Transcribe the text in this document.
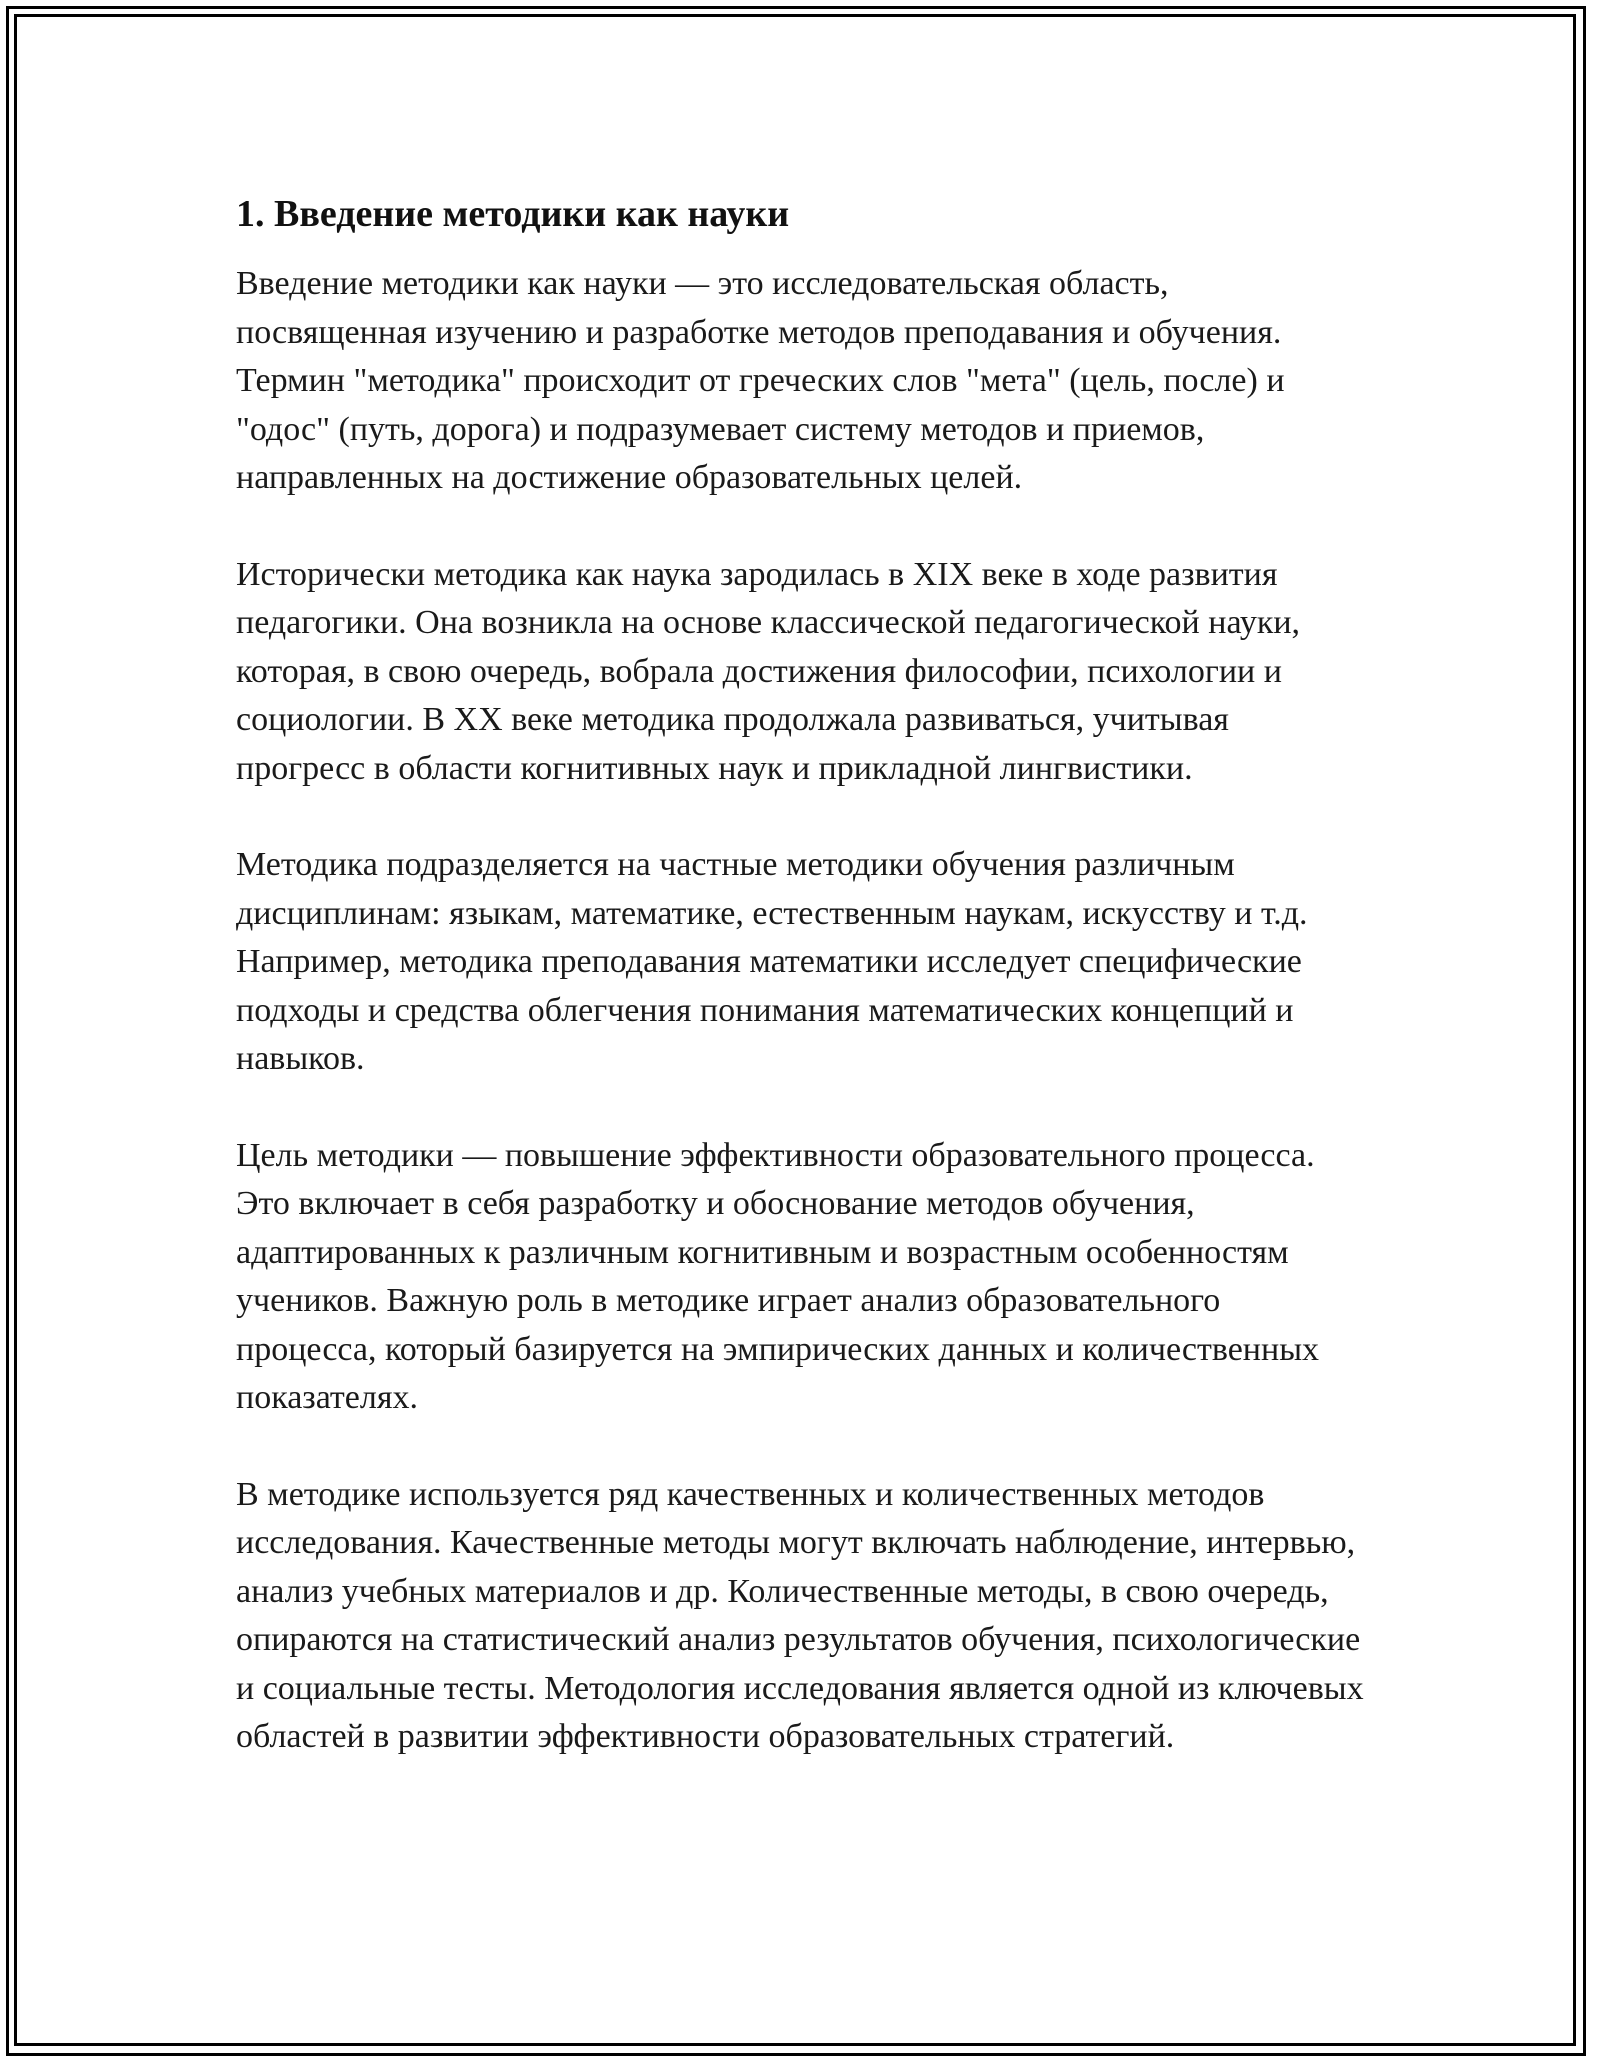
1. Введение методики как науки

Введение методики как науки — это исследовательская область, посвященная изучению и разработке методов преподавания и обучения. Термин "методика" происходит от греческих слов "мета" (цель, после) и "одос" (путь, дорога) и подразумевает систему методов и приемов, направленных на достижение образовательных целей.

Исторически методика как наука зародилась в XIX веке в ходе развития педагогики. Она возникла на основе классической педагогической науки, которая, в свою очередь, вобрала достижения философии, психологии и социологии. В XX веке методика продолжала развиваться, учитывая прогресс в области когнитивных наук и прикладной лингвистики.

Методика подразделяется на частные методики обучения различным дисциплинам: языкам, математике, естественным наукам, искусству и т.д. Например, методика преподавания математики исследует специфические подходы и средства облегчения понимания математических концепций и навыков.

Цель методики — повышение эффективности образовательного процесса. Это включает в себя разработку и обоснование методов обучения, адаптированных к различным когнитивным и возрастным особенностям учеников. Важную роль в методике играет анализ образовательного процесса, который базируется на эмпирических данных и количественных показателях.

В методике используется ряд качественных и количественных методов исследования. Качественные методы могут включать наблюдение, интервью, анализ учебных материалов и др. Количественные методы, в свою очередь, опираются на статистический анализ результатов обучения, психологические и социальные тесты. Методология исследования является одной из ключевых областей в развитии эффективности образовательных стратегий.
